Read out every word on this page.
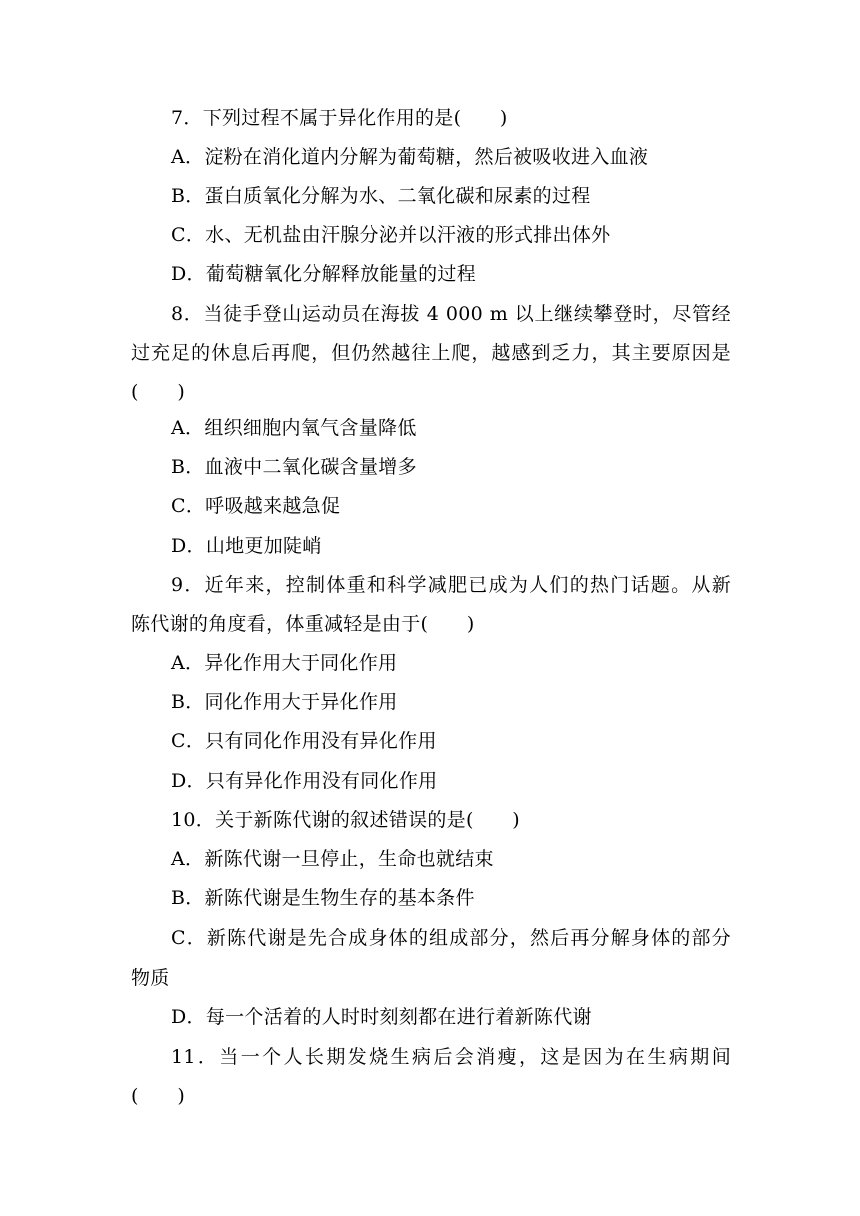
7．下列过程不属于异化作用的是(　　)
A．淀粉在消化道内分解为葡萄糖，然后被吸收进入血液
B．蛋白质氧化分解为水、二氧化碳和尿素的过程
C．水、无机盐由汗腺分泌并以汗液的形式排出体外
D．葡萄糖氧化分解释放能量的过程
8．当徒手登山运动员在海拔 4 000 m 以上继续攀登时，尽管经
过充足的休息后再爬，但仍然越往上爬，越感到乏力，其主要原因是
(　　)
A．组织细胞内氧气含量降低
B．血液中二氧化碳含量增多
C．呼吸越来越急促
D．山地更加陡峭
9．近年来，控制体重和科学减肥已成为人们的热门话题。从新
陈代谢的角度看，体重减轻是由于(　　)
A．异化作用大于同化作用
B．同化作用大于异化作用
C．只有同化作用没有异化作用
D．只有异化作用没有同化作用
10．关于新陈代谢的叙述错误的是(　　)
A．新陈代谢一旦停止，生命也就结束
B．新陈代谢是生物生存的基本条件
C．新陈代谢是先合成身体的组成部分，然后再分解身体的部分
物质
D．每一个活着的人时时刻刻都在进行着新陈代谢
11．当一个人长期发烧生病后会消瘦，这是因为在生病期间
(　　)
